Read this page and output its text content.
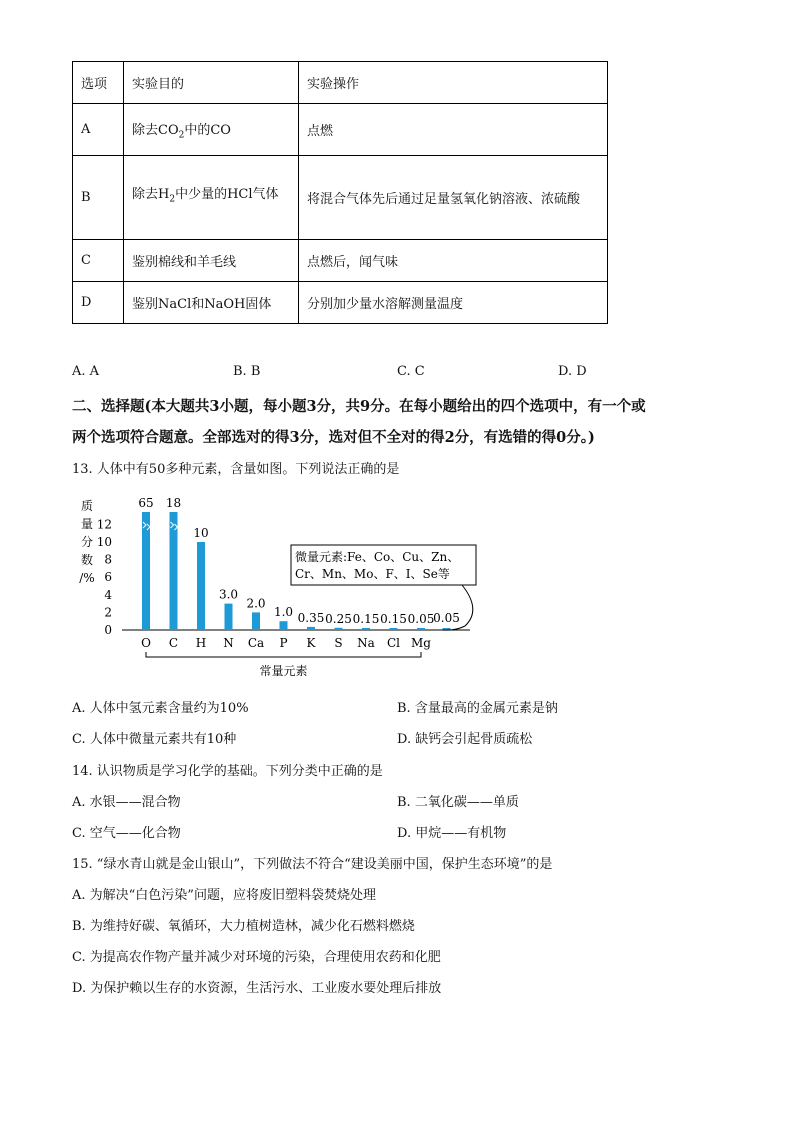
选项	实验目的	实验操作
A	除去$CO_2$中的CO	点燃
B	除去$H_2$中少量的HCl气体	将混合气体先后通过足量氢氧化钠溶液、浓硫酸
C	鉴别棉线和羊毛线	点燃后，闻气味
D	鉴别NaCl和NaOH固体	分别加少量水溶解测量温度
A. A	B. B	C. C	D. D
二、选择题(本大题共3小题，每小题3分，共9分。在每小题给出的四个选项中，有一个或
两个选项符合题意。全部选对的得3分，选对但不全对的得2分，有选错的得0分。)
13. 人体中有50多种元素，含量如图。下列说法正确的是
质
量
分
数
/%
0
2
4
6
8
10
12
65
O
18
C
10
H
3.0
N
2.0
Ca
1.0
P
0.35
K
0.25
S
0.15
Na
0.15
Cl
0.05
Mg
0.05
常量元素
微量元素:Fe、Co、Cu、Zn、
Cr、Mn、Mo、F、I、Se等
A. 人体中氢元素含量约为10%	B. 含量最高的金属元素是钠
C. 人体中微量元素共有10种	D. 缺钙会引起骨质疏松
14. 认识物质是学习化学的基础。下列分类中正确的是
A. 水银——混合物	B. 二氧化碳——单质
C. 空气——化合物	D. 甲烷——有机物
15. “绿水青山就是金山银山”，下列做法不符合“建设美丽中国，保护生态环境”的是
A. 为解决“白色污染”问题，应将废旧塑料袋焚烧处理
B. 为维持好碳、氧循环，大力植树造林，减少化石燃料燃烧
C. 为提高农作物产量并减少对环境的污染，合理使用农药和化肥
D. 为保护赖以生存的水资源，生活污水、工业废水要处理后排放
